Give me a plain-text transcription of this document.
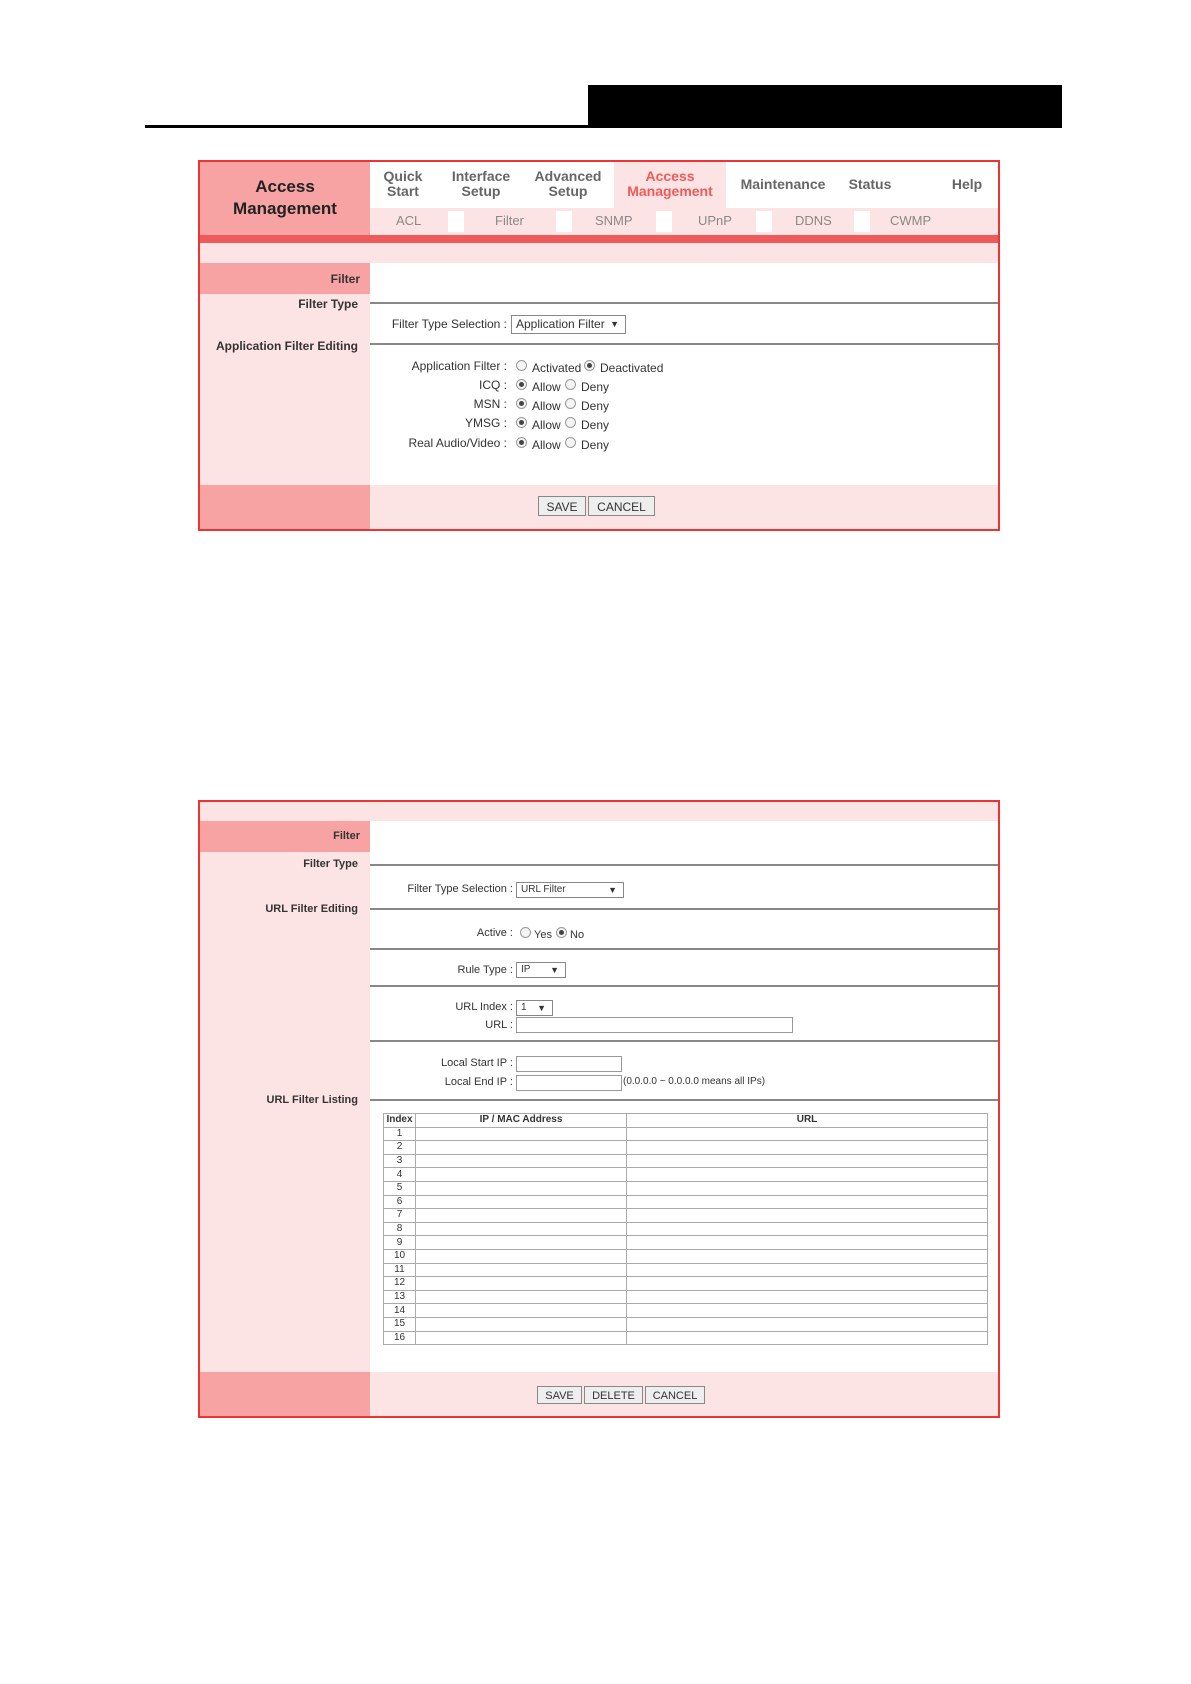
Access
Management
Quick
Start
Interface
Setup
Advanced
Setup
Access
Management	Maintenance	Status	Help
ACL	Filter	SNMP	UPnP	DDNS	CWMP
Filter
Filter Type
Filter Type Selection : Application Filter ▼
Application Filter Editing
Application Filter : Activated Deactivated
ICQ : Allow Deny
MSN : Allow Deny
YMSG : Allow Deny
Real Audio/Video : Allow Deny
SAVE	CANCEL
Filter
Filter Type
Filter Type Selection : URL Filter	▼
URL Filter Editing
Active : Yes No
Rule Type : IP ▼
URL Index : 1 ▼
URL :
Local Start IP :
Local End IP :	(0.0.0.0 ~ 0.0.0.0 means all IPs)
URL Filter Listing
Index	IP / MAC Address	URL
1		
2		
3		
4		
5		
6		
7		
8		
9		
10		
11		
12		
13		
14		
15		
16		
SAVE	DELETE	CANCEL
